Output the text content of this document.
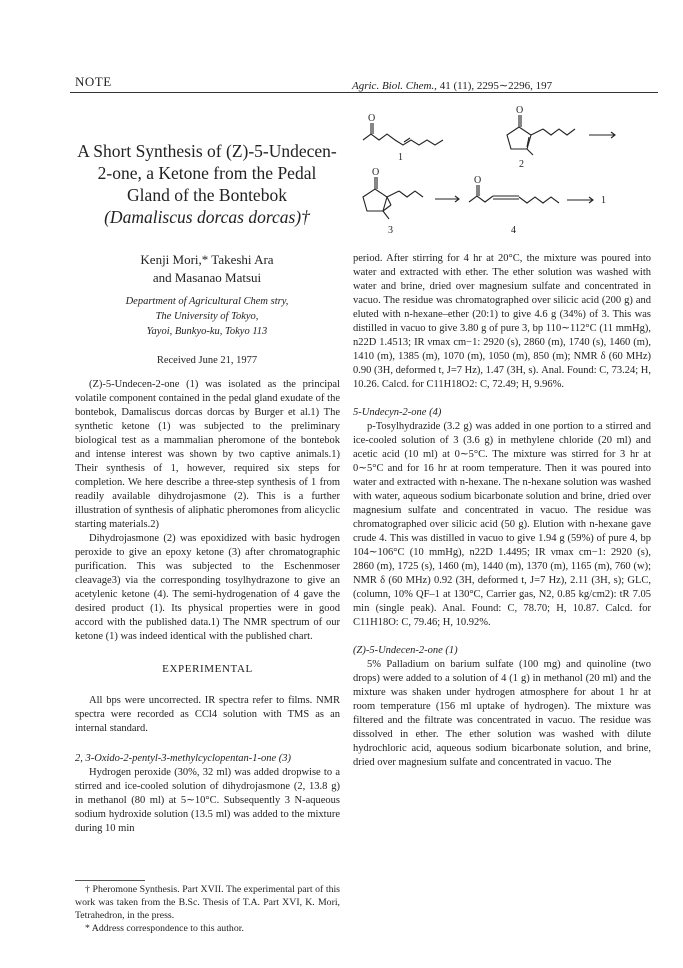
NOTE	Agric. Biol. Chem., 41 (11), 2295∼2296, 197
A Short Synthesis of (Z)-5-Undecen-
2-one, a Ketone from the Pedal
Gland of the Bontebok
(Damaliscus dorcas dorcas)†
Kenji Mori,* Takeshi Ara
and Masanao Matsui
Department of Agricultural Chem stry,
The University of Tokyo,
Yayoi, Bunkyo-ku, Tokyo 113
Received June 21, 1977

(Z)-5-Undecen-2-one (1) was isolated as the principal volatile component contained in the pedal gland exudate of the bontebok, Damaliscus dorcas dorcas by Burger et al.1) The synthetic ketone (1) was subjected to the preliminary biological test as a mammalian pheromone of the bontebok and intense interest was shown by two captive animals.1) Their synthesis of 1, however, required six steps for completion. We here describe a three-step synthesis of 1 from readily available dihydrojasmone (2). This is a further illustration of synthesis of aliphatic pheromones from alicyclic starting materials.2)

Dihydrojasmone (2) was epoxidized with basic hydrogen peroxide to give an epoxy ketone (3) after chromatographic purification. This was subjected to the Eschenmoser cleavage3) via the corresponding tosylhydrazone to give an acetylenic ketone (4). The semi-hydrogenation of 4 gave the desired product (1). Its physical properties were in good accord with the published data.1) The NMR spectrum of our ketone (1) was indeed identical with the published chart.

EXPERIMENTAL

All bps were uncorrected. IR spectra refer to films. NMR spectra were recorded as CCl4 solution with TMS as an internal standard.

2, 3-Oxido-2-pentyl-3-methylcyclopentan-1-one (3)

Hydrogen peroxide (30%, 32 ml) was added dropwise to a stirred and ice-cooled solution of dihydrojasmone (2, 13.8 g) in methanol (80 ml) at 5∼10°C. Subsequently 3 N-aqueous sodium hydroxide solution (13.5 ml) was added to the mixture during 10 min

† Pheromone Synthesis. Part XVII. The experimental part of this work was taken from the B.Sc. Thesis of T.A. Part XVI, K. Mori, Tetrahedron, in the press.

* Address correspondence to this author.

O
O
O
O
1
2
3	4
1

period. After stirring for 4 hr at 20°C, the mixture was poured into water and extracted with ether. The ether solution was washed with water and brine, dried over magnesium sulfate and concentrated in vacuo. The residue was chromatographed over silicic acid (200 g) and eluted with n-hexane–ether (20:1) to give 4.6 g (34%) of 3. This was distilled in vacuo to give 3.80 g of pure 3, bp 110∼112°C (11 mmHg), n22D 1.4513; IR νmax cm−1: 2920 (s), 2860 (m), 1740 (s), 1460 (m), 1410 (m), 1385 (m), 1070 (m), 1050 (m), 850 (m); NMR δ (60 MHz) 0.90 (3H, deformed t, J=7 Hz), 1.47 (3H, s). Anal. Found: C, 73.24; H, 10.26. Calcd. for C11H18O2: C, 72.49; H, 9.96%.

5-Undecyn-2-one (4)

p-Tosylhydrazide (3.2 g) was added in one portion to a stirred and ice-cooled solution of 3 (3.6 g) in methylene chloride (20 ml) and acetic acid (10 ml) at 0∼5°C. The mixture was stirred for 3 hr at 0∼5°C and for 16 hr at room temperature. Then it was poured into water and extracted with n-hexane. The n-hexane solution was washed with water, aqueous sodium bicarbonate solution and brine, dried over magnesium sulfate and concentrated in vacuo. The residue was chromatographed over silicic acid (50 g). Elution with n-hexane gave crude 4. This was distilled in vacuo to give 1.94 g (59%) of pure 4, bp 104∼106°C (10 mmHg), n22D 1.4495; IR νmax cm−1: 2920 (s), 2860 (m), 1725 (s), 1460 (m), 1440 (m), 1370 (m), 1165 (m), 760 (w); NMR δ (60 MHz) 0.92 (3H, deformed t, J=7 Hz), 2.11 (3H, s); GLC, (column, 10% QF–1 at 130°C, Carrier gas, N2, 0.85 kg/cm2): tR 7.05 min (single peak). Anal. Found: C, 78.70; H, 10.87. Calcd. for C11H18O: C, 79.46; H, 10.92%.

(Z)-5-Undecen-2-one (1)

5% Palladium on barium sulfate (100 mg) and quinoline (two drops) were added to a solution of 4 (1 g) in methanol (20 ml) and the mixture was shaken under hydrogen atmosphere for about 1 hr at room temperature (156 ml uptake of hydrogen). The mixture was filtered and the filtrate was concentrated in vacuo. The residue was dissolved in ether. The ether solution was washed with dilute hydrochloric acid, aqueous sodium bicarbonate solution, and brine, dried over magnesium sulfate and concentrated in vacuo. The
